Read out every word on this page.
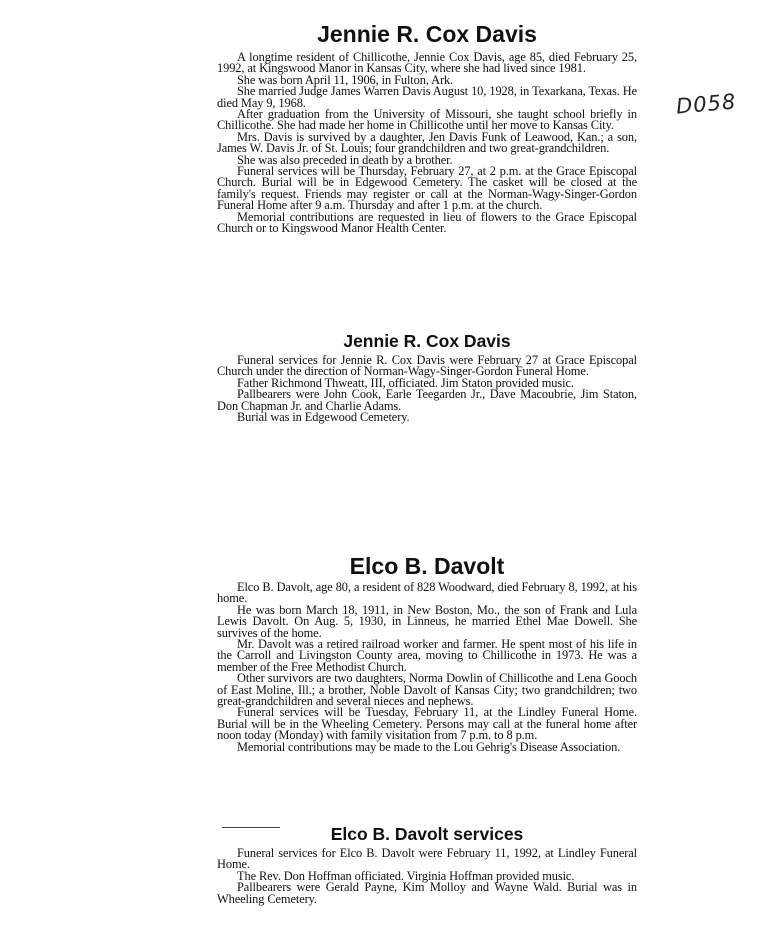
D058
Jennie R. Cox Davis

A longtime resident of Chillicothe, Jennie Cox Davis, age 85, died February 25, 1992, at Kingswood Manor in Kansas City, where she had lived since 1981.

She was born April 11, 1906, in Fulton, Ark.

She married Judge James Warren Davis August 10, 1928, in Texarkana, Texas. He died May 9, 1968.

After graduation from the University of Missouri, she taught school briefly in Chillicothe. She had made her home in Chillicothe until her move to Kansas City.

Mrs. Davis is survived by a daughter, Jen Davis Funk of Leawood, Kan.; a son, James W. Davis Jr. of St. Louis; four grandchildren and two great-grandchildren.

She was also preceded in death by a brother.

Funeral services will be Thursday, February 27, at 2 p.m. at the Grace Episcopal Church. Burial will be in Edgewood Cemetery. The casket will be closed at the family's request. Friends may register or call at the Norman-Wagy-Singer-Gordon Funeral Home after 9 a.m. Thursday and after 1 p.m. at the church.

Memorial contributions are requested in lieu of flowers to the Grace Episcopal Church or to Kingswood Manor Health Center.

Jennie R. Cox Davis

Funeral services for Jennie R. Cox Davis were February 27 at Grace Episcopal Church under the direction of Norman-Wagy-Singer-Gordon Funeral Home.

Father Richmond Thweatt, III, officiated. Jim Staton provided music.

Pallbearers were John Cook, Earle Teegarden Jr., Dave Macoubrie, Jim Staton, Don Chapman Jr. and Charlie Adams.

Burial was in Edgewood Cemetery.

Elco B. Davolt

Elco B. Davolt, age 80, a resident of 828 Woodward, died February 8, 1992, at his home.

He was born March 18, 1911, in New Boston, Mo., the son of Frank and Lula Lewis Davolt. On Aug. 5, 1930, in Linneus, he married Ethel Mae Dowell. She survives of the home.

Mr. Davolt was a retired railroad worker and farmer. He spent most of his life in the Carroll and Livingston County area, moving to Chillicothe in 1973. He was a member of the Free Methodist Church.

Other survivors are two daughters, Norma Dowlin of Chillicothe and Lena Gooch of East Moline, Ill.; a brother, Noble Davolt of Kansas City; two grandchildren; two great-grandchildren and several nieces and nephews.

Funeral services will be Tuesday, February 11, at the Lindley Funeral Home. Burial will be in the Wheeling Cemetery. Persons may call at the funeral home after noon today (Monday) with family visitation from 7 p.m. to 8 p.m.

Memorial contributions may be made to the Lou Gehrig's Disease Association.

Elco B. Davolt services

Funeral services for Elco B. Davolt were February 11, 1992, at Lindley Funeral Home.

The Rev. Don Hoffman officiated. Virginia Hoffman provided music.

Pallbearers were Gerald Payne, Kim Molloy and Wayne Wald. Burial was in Wheeling Cemetery.
